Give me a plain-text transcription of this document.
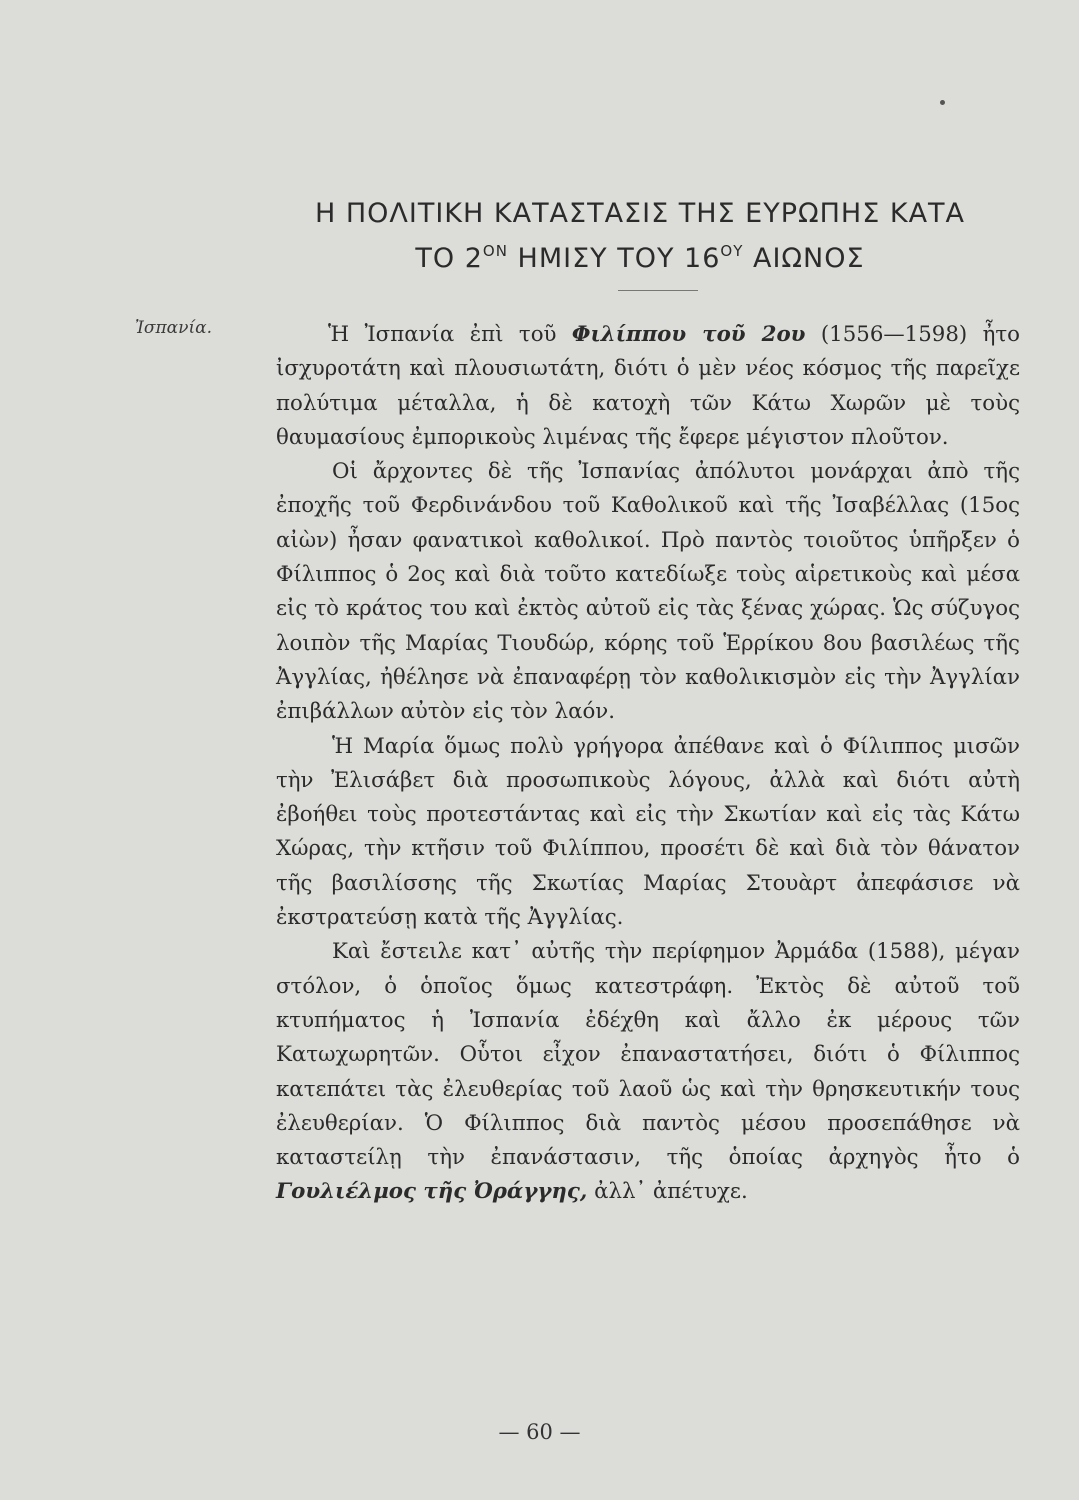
Η ΠΟΛΙΤΙΚΗ ΚΑΤΑΣΤΑΣΙΣ ΤΗΣ ΕΥΡΩΠΗΣ ΚΑΤΑ
ΤΟ $2^{ON}$ ΗΜΙΣΥ ΤΟΥ $16^{O\Upsilon}$ ΑΙΩΝΟΣ
Ἰσπανία.	Ἡ Ἰσπανία ἐπὶ τοῦ Φιλίππου τοῦ 2ου (1556—1598) ἦτο ἰσχυροτάτη καὶ πλουσιωτάτη, διότι ὁ μὲν νέος κόσμος τῆς παρεῖχε πολύτιμα μέταλλα, ἡ δὲ κατοχὴ τῶν Κάτω Χωρῶν μὲ τοὺς θαυμασίους ἐμπορικοὺς λιμένας τῆς ἔφερε μέγιστον πλοῦτον.

Οἱ ἄρχοντες δὲ τῆς Ἰσπανίας ἀπόλυτοι μονάρχαι ἀπὸ τῆς ἐποχῆς τοῦ Φερδινάνδου τοῦ Καθολικοῦ καὶ τῆς Ἰσαβέλλας (15ος αἰὼν) ἦσαν φανατικοὶ καθολικοί. Πρὸ παντὸς τοιοῦτος ὑπῆρξεν ὁ Φίλιππος ὁ 2ος καὶ διὰ τοῦτο κατεδίωξε τοὺς αἱρετικοὺς καὶ μέσα εἰς τὸ κράτος του καὶ ἐκτὸς αὐτοῦ εἰς τὰς ξένας χώρας. Ὡς σύζυγος λοιπὸν τῆς Μαρίας Τιουδώρ, κόρης τοῦ Ἑρρίκου 8ου βασιλέως τῆς Ἀγγλίας, ἠθέλησε νὰ ἐπαναφέρῃ τὸν καθολικισμὸν εἰς τὴν Ἀγγλίαν ἐπιβάλλων αὐτὸν εἰς τὸν λαόν.

Ἡ Μαρία ὅμως πολὺ γρήγορα ἀπέθανε καὶ ὁ Φίλιππος μισῶν τὴν Ἐλισάβετ διὰ προσωπικοὺς λόγους, ἀλλὰ καὶ διότι αὐτὴ ἐβοήθει τοὺς προτεστάντας καὶ εἰς τὴν Σκωτίαν καὶ εἰς τὰς Κάτω Χώρας, τὴν κτῆσιν τοῦ Φιλίππου, προσέτι δὲ καὶ διὰ τὸν θάνατον τῆς βασιλίσσης τῆς Σκωτίας Μαρίας Στουὰρτ ἀπεφάσισε νὰ ἐκστρατεύσῃ κατὰ τῆς Ἀγγλίας.

Καὶ ἔστειλε κατ᾽ αὐτῆς τὴν περίφημον Ἀρμάδα (1588), μέγαν στόλον, ὁ ὁποῖος ὅμως κατεστράφη. Ἐκτὸς δὲ αὐτοῦ τοῦ κτυπήματος ἡ Ἰσπανία ἐδέχθη καὶ ἄλλο ἐκ μέρους τῶν Κατωχωρητῶν. Οὗτοι εἶχον ἐπαναστατήσει, διότι ὁ Φίλιππος κατεπάτει τὰς ἐλευθερίας τοῦ λαοῦ ὡς καὶ τὴν θρησκευτικήν τους ἐλευθερίαν. Ὁ Φίλιππος διὰ παντὸς μέσου προσεπάθησε νὰ καταστείλῃ τὴν ἐπανάστασιν, τῆς ὁποίας ἀρχηγὸς ἦτο ὁ Γουλιέλμος τῆς Ὀράγγης, ἀλλ᾽ ἀπέτυχε.

— 60 —
